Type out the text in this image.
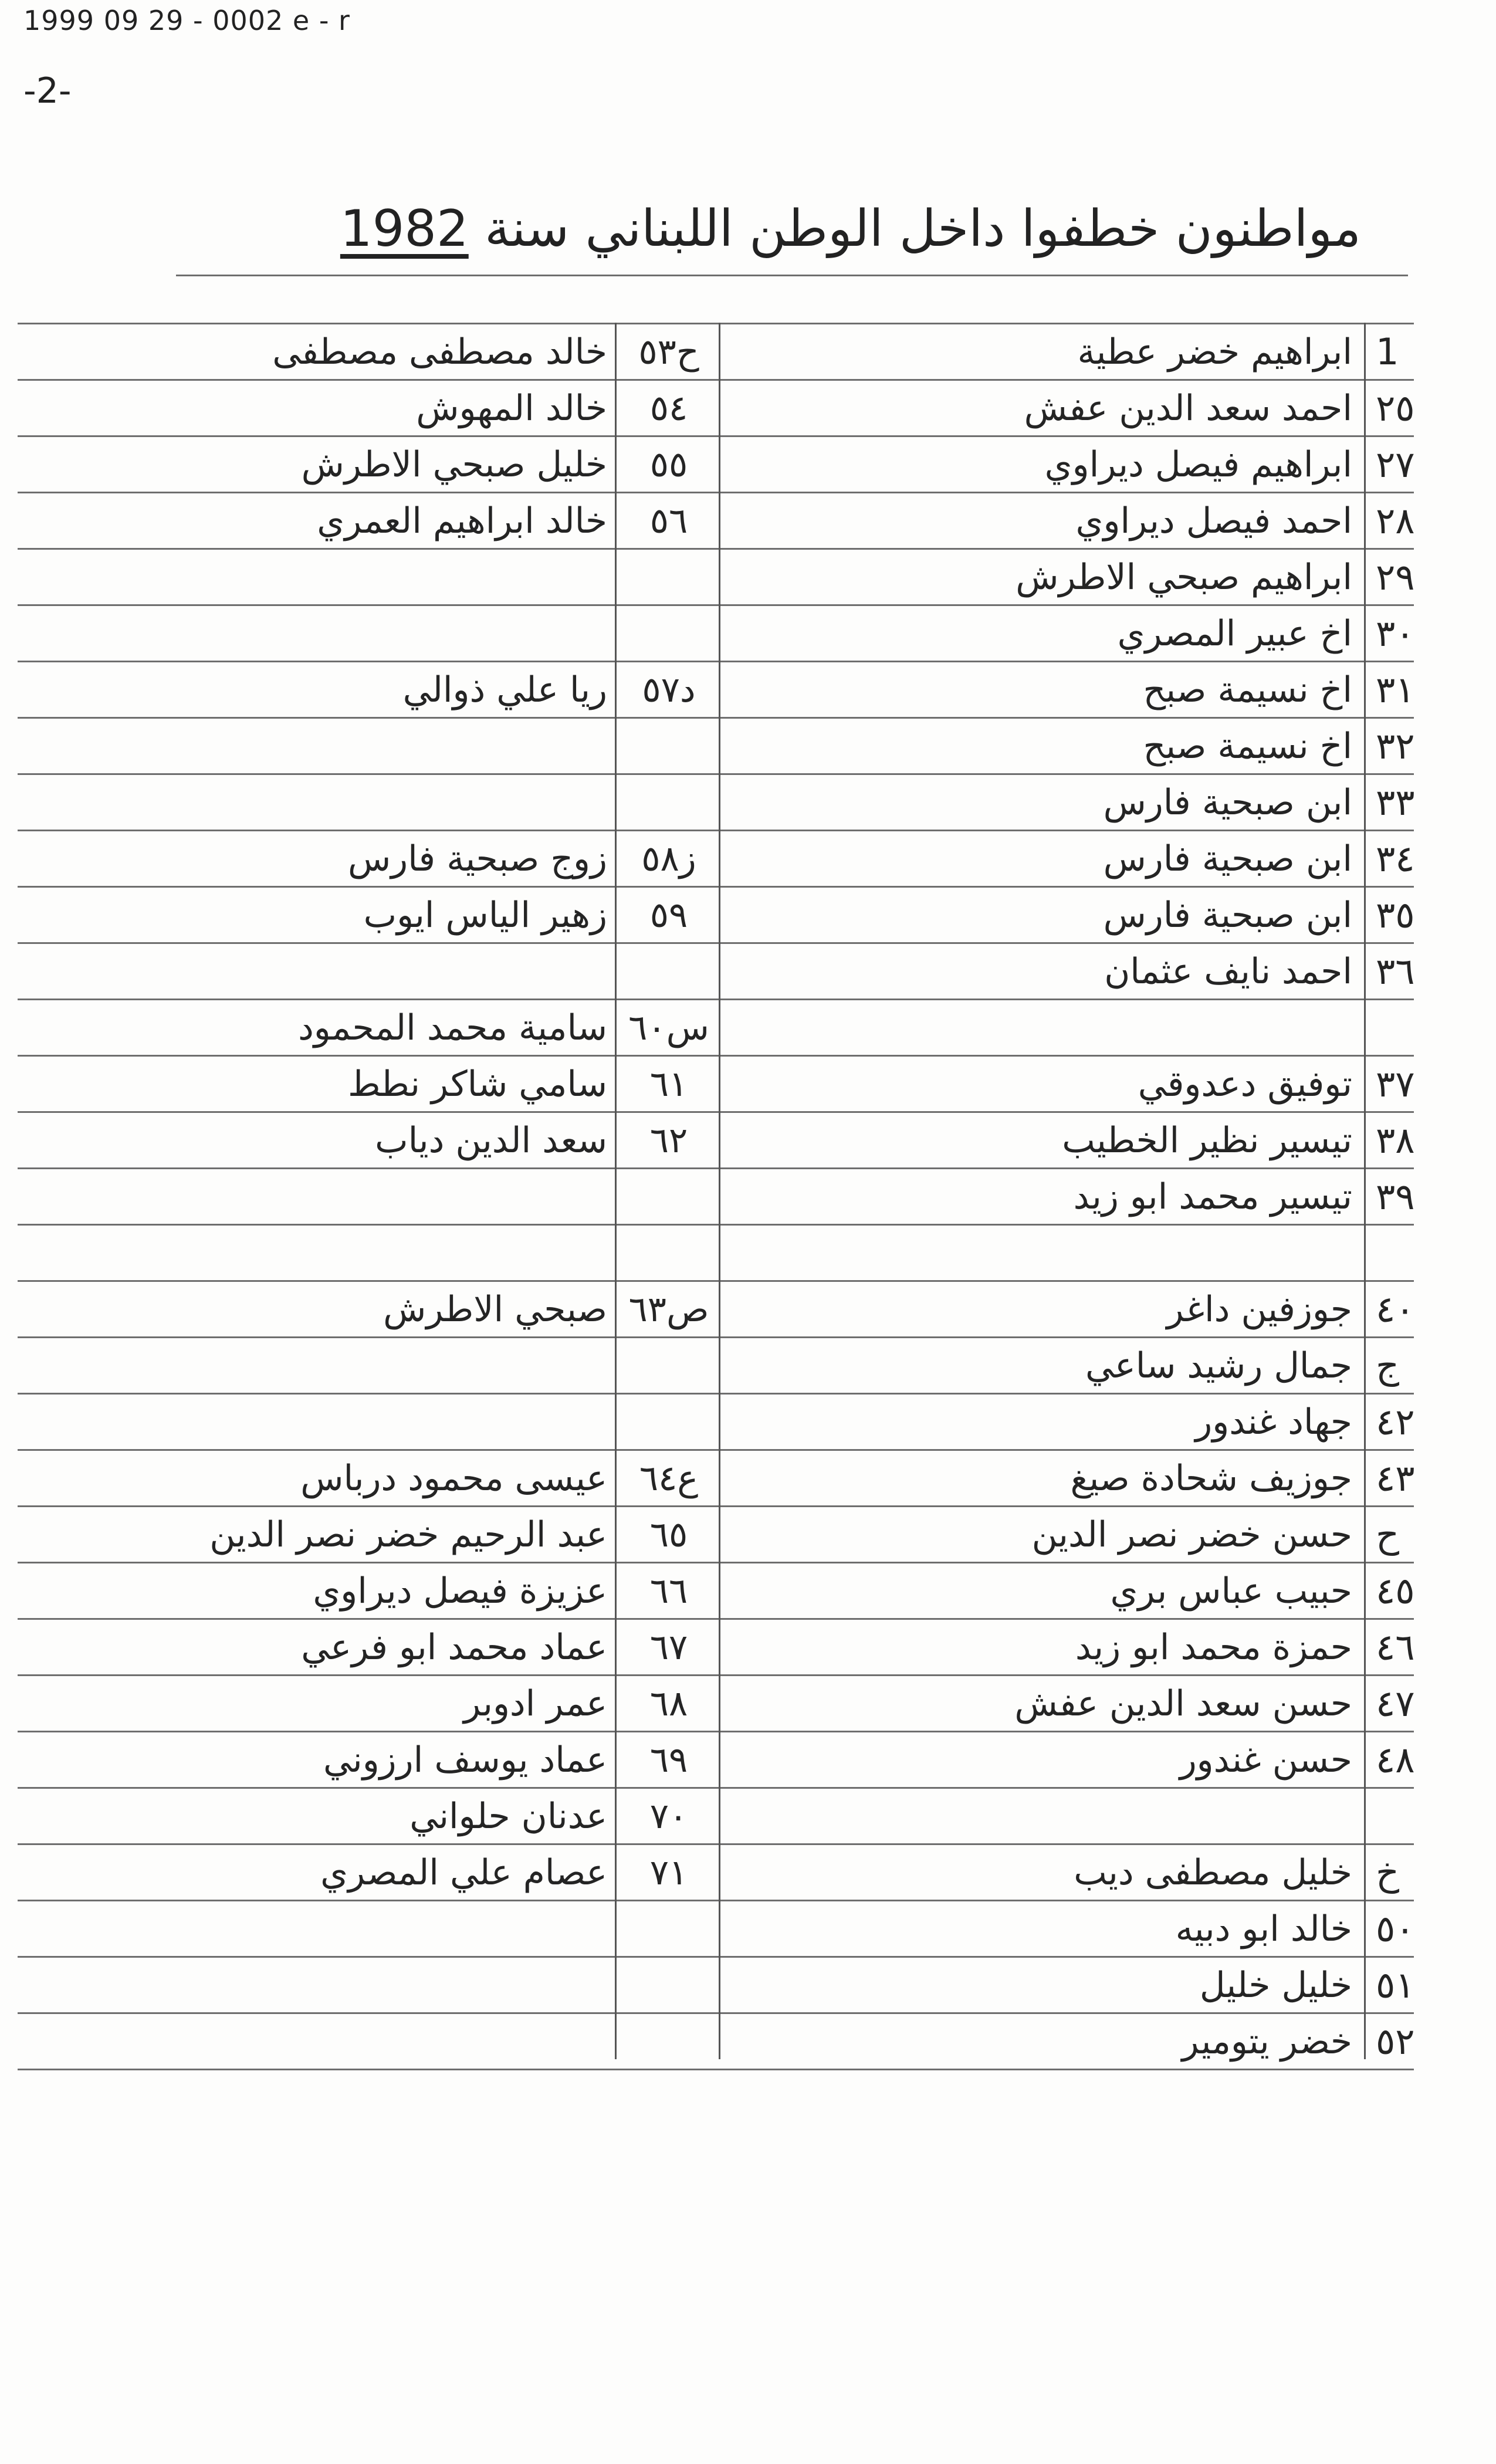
1999 09 29 - 0002 e - r
-2-
مواطنون خطفوا داخل الوطن اللبناني سنة 1982
1
ابراهيم خضر عطية
ح٥٣
خالد مصطفى مصطفى
٢٥
احمد سعد الدين عفش
٥٤
خالد المهوش
٢٧
ابراهيم فيصل ديراوي
٥٥
خليل صبحي الاطرش
٢٨
احمد فيصل ديراوي
٥٦
خالد ابراهيم العمري
٢٩
ابراهيم صبحي الاطرش
٣٠
اخ عبير المصري
٣١
اخ نسيمة صبح
د٥٧
ريا علي ذوالي
٣٢
اخ نسيمة صبح
٣٣
ابن صبحية فارس
٣٤
ابن صبحية فارس
ز٥٨
زوج صبحية فارس
٣٥
ابن صبحية فارس
٥٩
زهير الياس ايوب
٣٦
احمد نايف عثمان
س٦٠
سامية محمد المحمود
٣٧
توفيق دعدوقي
٦١
سامي شاكر نطط
٣٨
تيسير نظير الخطيب
٦٢
سعد الدين دياب
٣٩
تيسير محمد ابو زيد
٤٠
جوزفين داغر
ص٦٣
صبحي الاطرش
ج
جمال رشيد ساعي
٤٢
جهاد غندور
٤٣
جوزيف شحادة صيغ
ع٦٤
عيسى محمود درباس
ح
حسن خضر نصر الدين
٦٥
عبد الرحيم خضر نصر الدين
٤٥
حبيب عباس بري
٦٦
عزيزة فيصل ديراوي
٤٦
حمزة محمد ابو زيد
٦٧
عماد محمد ابو فرعي
٤٧
حسن سعد الدين عفش
٦٨
عمر ادوبر
٤٨
حسن غندور
٦٩
عماد يوسف ارزوني
٧٠
عدنان حلواني
خ
خليل مصطفى ديب
٧١
عصام علي المصري
٥٠
خالد ابو دبيه
٥١
خليل خليل
٥٢
خضر يتومير
